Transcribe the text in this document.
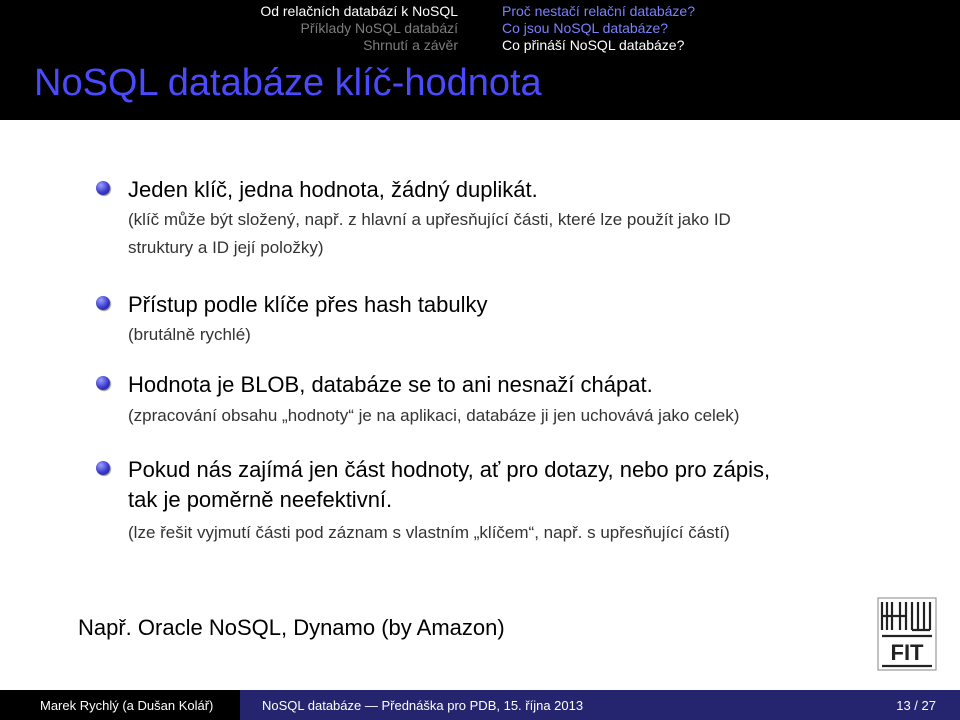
Od relačních databází k NoSQL
Příklady NoSQL databází
Shrnutí a závěr
Proč nestačí relační databáze?
Co jsou NoSQL databáze?
Co přináší NoSQL databáze?
NoSQL databáze klíč-hodnota
Jeden klíč, jedna hodnota, žádný duplikát.
(klíč může být složený, např. z hlavní a upřesňující části, které lze použít jako ID
struktury a ID její položky)
Přístup podle klíče přes hash tabulky
(brutálně rychlé)
Hodnota je BLOB, databáze se to ani nesnaží chápat.
(zpracování obsahu „hodnoty“ je na aplikaci, databáze ji jen uchovává jako celek)
Pokud nás zajímá jen část hodnoty, ať pro dotazy, nebo pro zápis,
tak je poměrně neefektivní.
(lze řešit vyjmutí části pod záznam s vlastním „klíčem“, např. s upřesňující částí)
Např. Oracle NoSQL, Dynamo (by Amazon)
FIT
Marek Rychlý (a Dušan Kolář)	NoSQL databáze — Přednáška pro PDB, 15. října 2013	13 / 27
